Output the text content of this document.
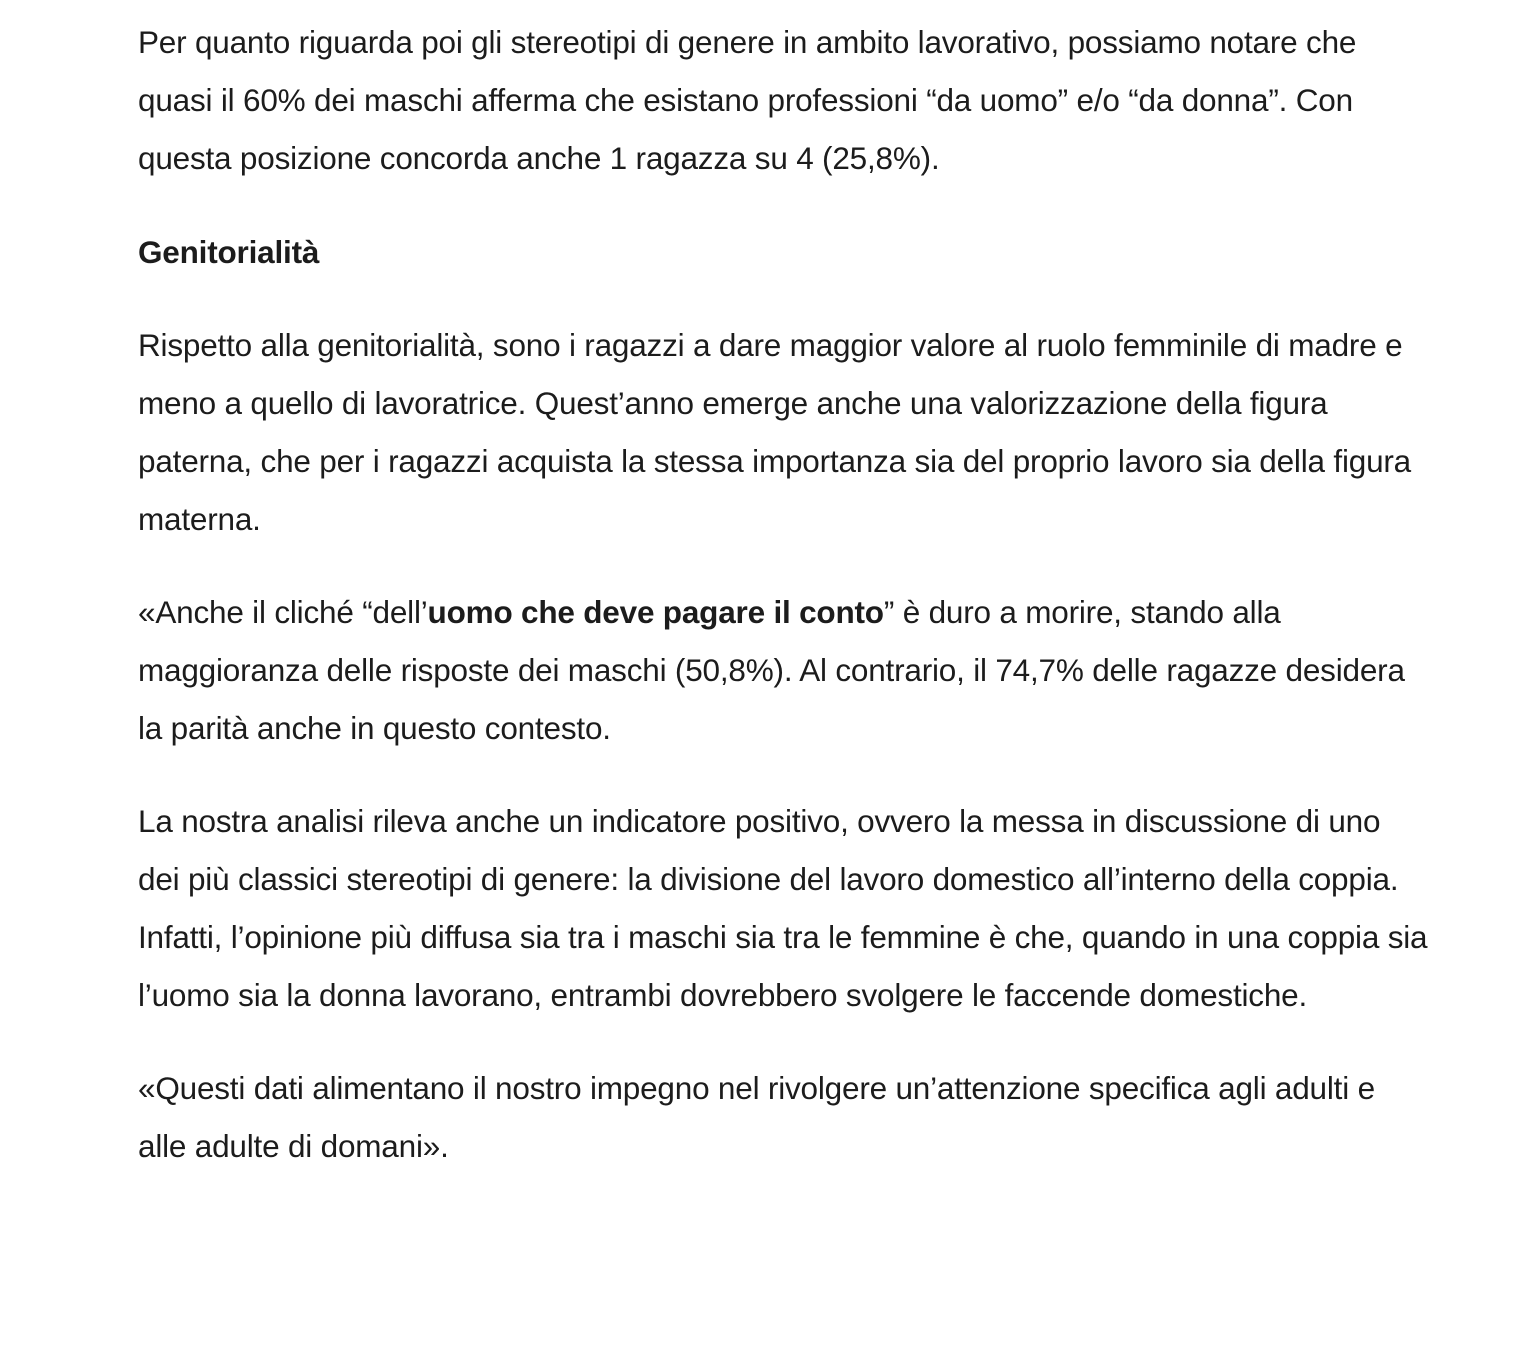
Per quanto riguarda poi gli stereotipi di genere in ambito lavorativo, possiamo notare che quasi il 60% dei maschi afferma che esistano professioni “da uomo” e/o “da donna”. Con questa posizione concorda anche 1 ragazza su 4 (25,8%).

Genitorialità

Rispetto alla genitorialità, sono i ragazzi a dare maggior valore al ruolo femminile di madre e meno a quello di lavoratrice. Quest’anno emerge anche una valorizzazione della figura paterna, che per i ragazzi acquista la stessa importanza sia del proprio lavoro sia della figura materna.

«Anche il cliché “dell’uomo che deve pagare il conto” è duro a morire, stando alla maggioranza delle risposte dei maschi (50,8%). Al contrario, il 74,7% delle ragazze desidera la parità anche in questo contesto.

La nostra analisi rileva anche un indicatore positivo, ovvero la messa in discussione di uno dei più classici stereotipi di genere: la divisione del lavoro domestico all’interno della coppia. Infatti, l’opinione più diffusa sia tra i maschi sia tra le femmine è che, quando in una coppia sia l’uomo sia la donna lavorano, entrambi dovrebbero svolgere le faccende domestiche.

«Questi dati alimentano il nostro impegno nel rivolgere un’attenzione specifica agli adulti e alle adulte di domani».
